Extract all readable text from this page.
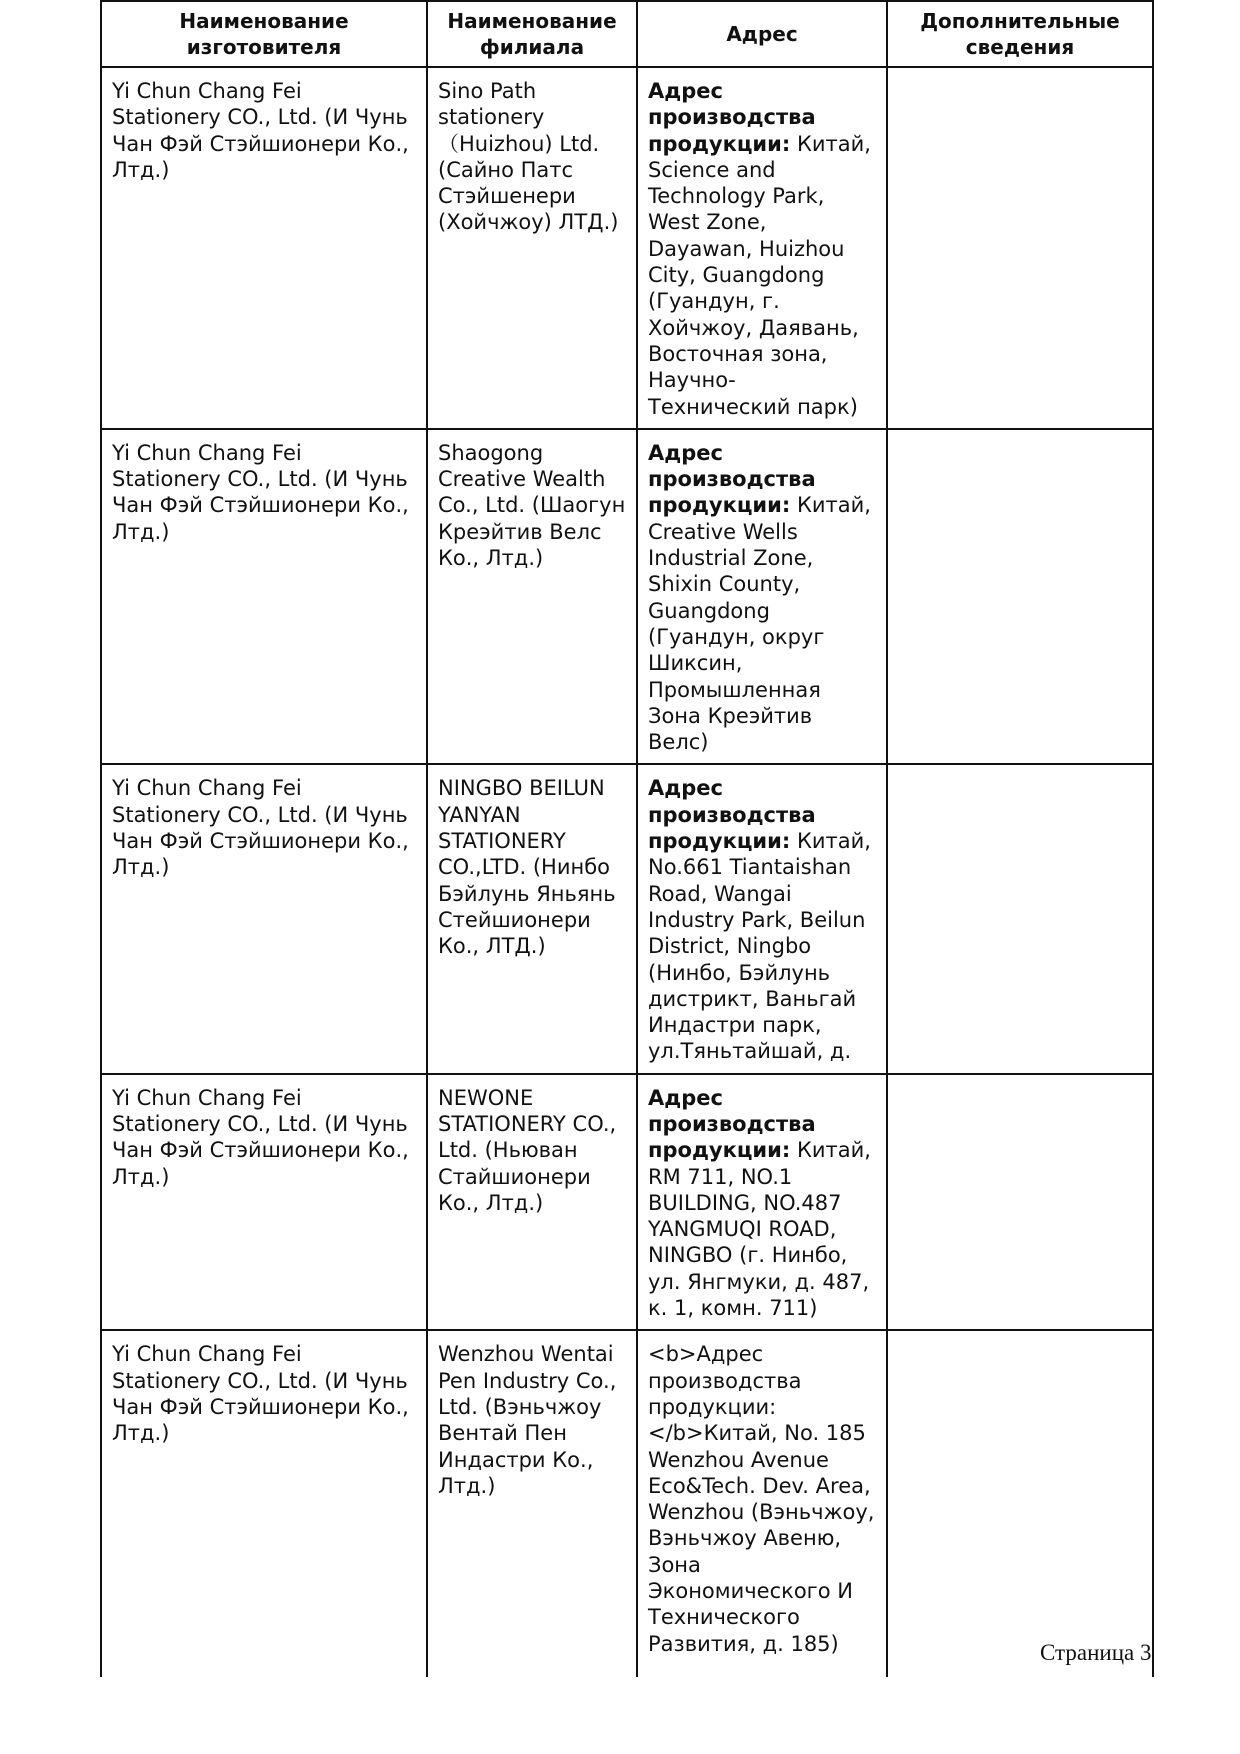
Наименование изготовителя	Наименование филиала	Адрес	Дополнительные сведения
Yi Chun Chang Fei Stationery CO., Ltd. (И Чунь Чан Фэй Стэйшионери Ко., Лтд.)	Sino Path stationery（Huizhou) Ltd. (Сайно Патс Стэйшенери (Хойчжоу) ЛТД.)	Адрес производства продукции: Китай, Science and Technology Park, West Zone, Dayawan, Huizhou City, Guangdong (Гуандун, г. Хойчжоу, Даявань, Восточная зона, Научно-Технический парк)	
Yi Chun Chang Fei Stationery CO., Ltd. (И Чунь Чан Фэй Стэйшионери Ко., Лтд.)	Shaogong Creative Wealth Co., Ltd. (Шаогун Креэйтив Велс Ко., Лтд.)	Адрес производства продукции: Китай, Creative Wells Industrial Zone, Shixin County, Guangdong (Гуандун, округ Шиксин, Промышленная Зона Креэйтив Велс)	
Yi Chun Chang Fei Stationery CO., Ltd. (И Чунь Чан Фэй Стэйшионери Ко., Лтд.)	NINGBO BEILUN YANYAN STATIONERY CO.,LTD. (Нинбо Бэйлунь Яньянь Стейшионери Ко., ЛТД.)	Адрес производства продукции: Китай, No.661 Tiantaishan Road, Wangai Industry Park, Beilun District, Ningbo (Нинбо, Бэйлунь дистрикт, Ваньгай Индастри парк, ул.Тяньтайшай, д.	
Yi Chun Chang Fei Stationery CO., Ltd. (И Чунь Чан Фэй Стэйшионери Ко., Лтд.)	NEWONE STATIONERY CO., Ltd. (Ньюван Стайшионери Ко., Лтд.)	Адрес производства продукции: Китай, RM 711, NO.1 BUILDING, NO.487 YANGMUQI ROAD, NINGBO (г. Нинбо, ул. Янгмуки, д. 487, к. 1, комн. 711)	
Yi Chun Chang Fei Stationery CO., Ltd. (И Чунь Чан Фэй Стэйшионери Ко., Лтд.)	Wenzhou Wentai Pen Industry Co., Ltd. (Вэньчжоу Вентай Пен Индастри Ко., Лтд.)	<b>Адрес производства продукции: </b>Китай, No. 185 Wenzhou Avenue Eco&Tech. Dev. Area, Wenzhou (Вэньчжоу, Вэньчжоу Авеню, Зона Экономического И Технического Развития, д. 185)		Страница 3
